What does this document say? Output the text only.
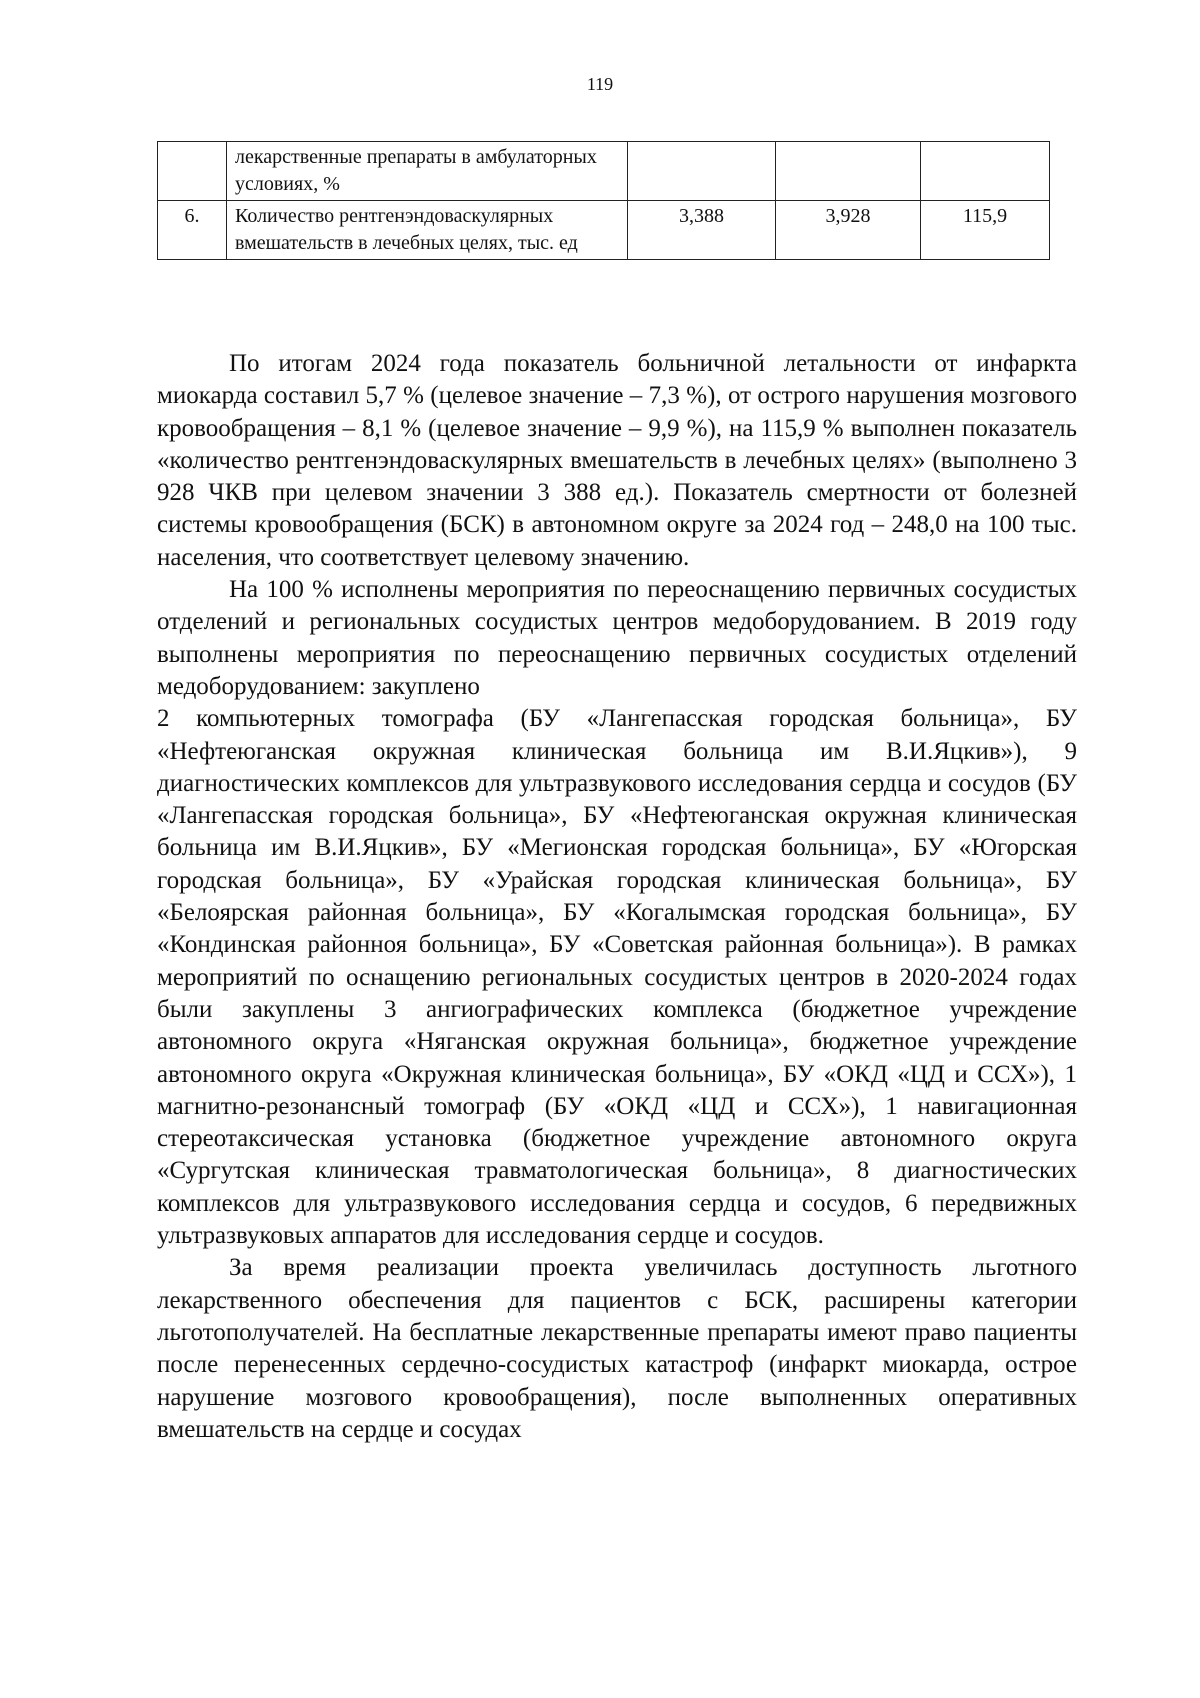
119
	лекарственные препараты в амбулаторных условиях, %			
6.	Количество рентгенэндоваскулярных вмешательств в лечебных целях, тыс. ед	3,388	3,928	115,9

По итогам 2024 года показатель больничной летальности от инфаркта миокарда составил 5,7 % (целевое значение – 7,3 %), от острого нарушения мозгового кровообращения – 8,1 % (целевое значение – 9,9 %), на 115,9 % выполнен показатель «количество рентгенэндоваскулярных вмешательств в лечебных целях» (выполнено 3 928 ЧКВ при целевом значении 3 388 ед.). Показатель смертности от болезней системы кровообращения (БСК) в автономном округе за 2024 год – 248,0 на 100 тыс. населения, что соответствует целевому значению.

На 100 % исполнены мероприятия по переоснащению первичных сосудистых отделений и региональных сосудистых центров медоборудованием. В 2019 году выполнены мероприятия по переоснащению первичных сосудистых отделений медоборудованием: закуплено

2 компьютерных томографа (БУ «Лангепасская городская больница», БУ «Нефтеюганская окружная клиническая больница им В.И.Яцкив»), 9 диагностических комплексов для ультразвукового исследования сердца и сосудов (БУ «Лангепасская городская больница», БУ «Нефтеюганская окружная клиническая больница им В.И.Яцкив», БУ «Мегионская городская больница», БУ «Югорская городская больница», БУ «Урайская городская клиническая больница», БУ «Белоярская районная больница», БУ «Когалымская городская больница», БУ «Кондинская районноя больница», БУ «Советская районная больница»). В рамках мероприятий по оснащению региональных сосудистых центров в 2020-2024 годах были закуплены 3 ангиографических комплекса (бюджетное учреждение автономного округа «Няганская окружная больница», бюджетное учреждение автономного округа «Окружная клиническая больница», БУ «ОКД «ЦД и ССХ»), 1 магнитно-резонансный томограф (БУ «ОКД «ЦД и ССХ»), 1 навигационная стереотаксическая установка (бюджетное учреждение автономного округа «Сургутская клиническая травматологическая больница», 8 диагностических комплексов для ультразвукового исследования сердца и сосудов, 6 передвижных ультразвуковых аппаратов для исследования сердце и сосудов.

За время реализации проекта увеличилась доступность льготного лекарственного обеспечения для пациентов с БСК, расширены категории льготополучателей. На бесплатные лекарственные препараты имеют право пациенты после перенесенных сердечно-сосудистых катастроф (инфаркт миокарда, острое нарушение мозгового кровообращения), после выполненных оперативных вмешательств на сердце и сосудах
